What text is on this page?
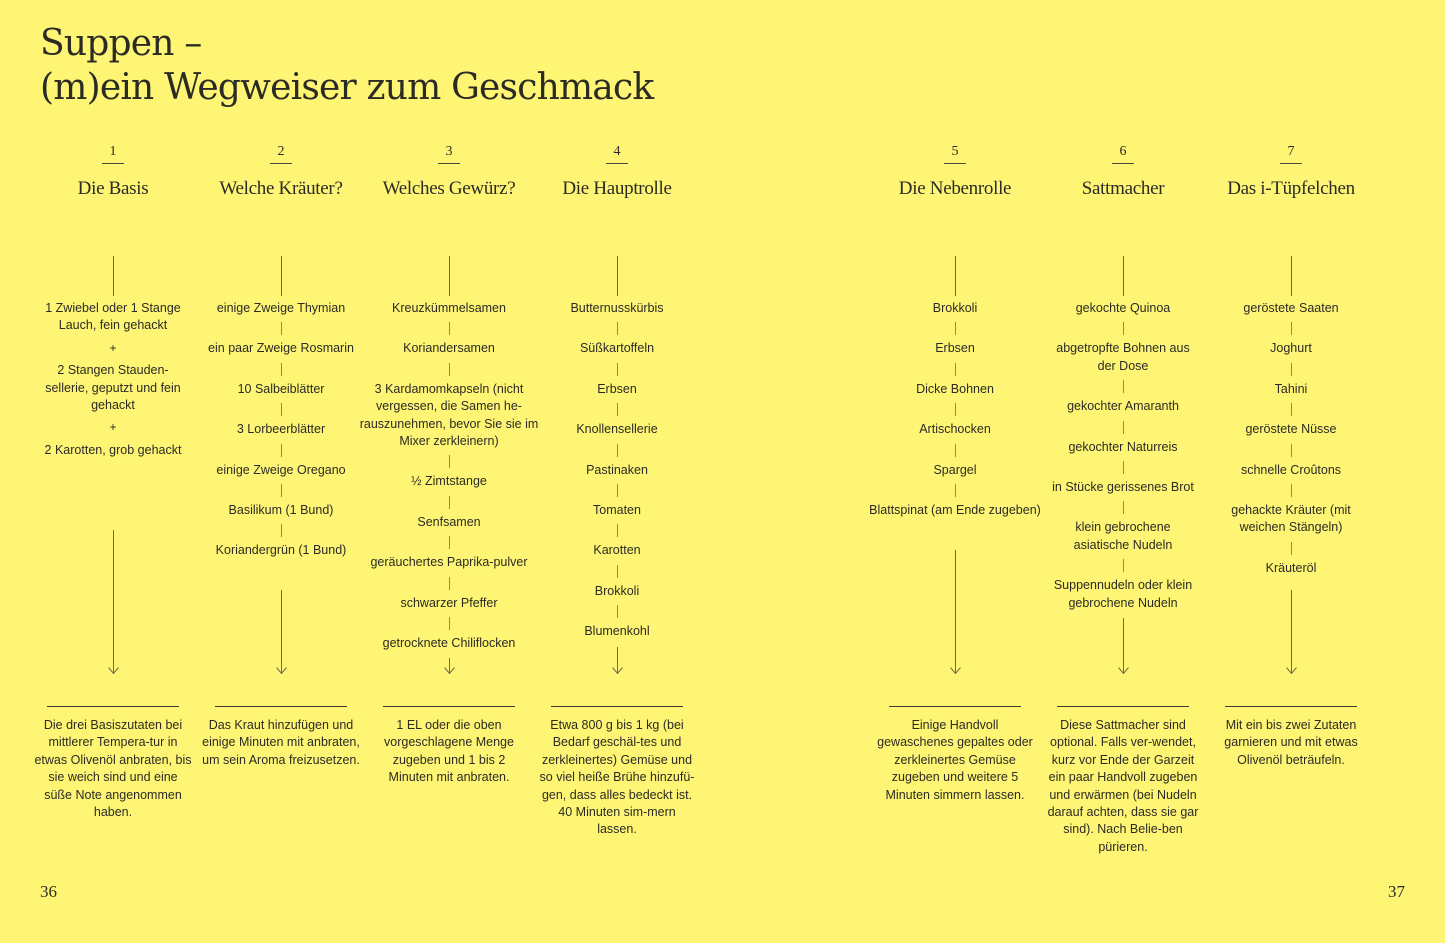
Suppen –
(m)ein Wegweiser zum Geschmack
36	37
1
Die Basis
1 Zwiebel oder 1 Stange Lauch, fein gehackt
+
2 Stangen Stauden-sellerie, geputzt und fein gehackt
+
2 Karotten, grob gehackt
Die drei Basiszutaten bei mittlerer Tempera-tur in etwas Olivenöl anbraten, bis sie weich sind und eine süße Note angenommen haben.
2
Welche Kräuter?
einige Zweige Thymian
ein paar Zweige Rosmarin
10 Salbeiblätter
3 Lorbeerblätter
einige Zweige Oregano
Basilikum (1 Bund)
Koriandergrün (1 Bund)
Das Kraut hinzufügen und einige Minuten mit anbraten, um sein Aroma freizusetzen.
3
Welches Gewürz?
Kreuzkümmelsamen
Koriandersamen
3 Kardamomkapseln (nicht vergessen, die Samen he-rauszunehmen, bevor Sie sie im Mixer zerkleinern)
½ Zimtstange
Senfsamen
geräuchertes Paprika-pulver
schwarzer Pfeffer
getrocknete Chiliflocken
1 EL oder die oben vorgeschlagene Menge zugeben und 1 bis 2 Minuten mit anbraten.
4
Die Hauptrolle
Butternusskürbis
Süßkartoffeln
Erbsen
Knollensellerie
Pastinaken
Tomaten
Karotten
Brokkoli
Blumenkohl
Etwa 800 g bis 1 kg (bei Bedarf geschäl-tes und zerkleinertes) Gemüse und so viel heiße Brühe hinzufü-gen, dass alles bedeckt ist. 40 Minuten sim-mern lassen.
5
Die Nebenrolle
Brokkoli
Erbsen
Dicke Bohnen
Artischocken
Spargel
Blattspinat (am Ende zugeben)
Einige Handvoll gewaschenes gepaltes oder zerkleinertes Gemüse zugeben und weitere 5 Minuten simmern lassen.
6
Sattmacher
gekochte Quinoa
abgetropfte Bohnen aus der Dose
gekochter Amaranth
gekochter Naturreis
in Stücke gerissenes Brot
klein gebrochene asiatische Nudeln
Suppennudeln oder klein gebrochene Nudeln
Diese Sattmacher sind optional. Falls ver-wendet, kurz vor Ende der Garzeit ein paar Handvoll zugeben und erwärmen (bei Nudeln darauf achten, dass sie gar sind). Nach Belie-ben pürieren.
7
Das i-Tüpfelchen
geröstete Saaten
Joghurt
Tahini
geröstete Nüsse
schnelle Croûtons
gehackte Kräuter (mit weichen Stängeln)
Kräuteröl
Mit ein bis zwei Zutaten garnieren und mit etwas Olivenöl beträufeln.
